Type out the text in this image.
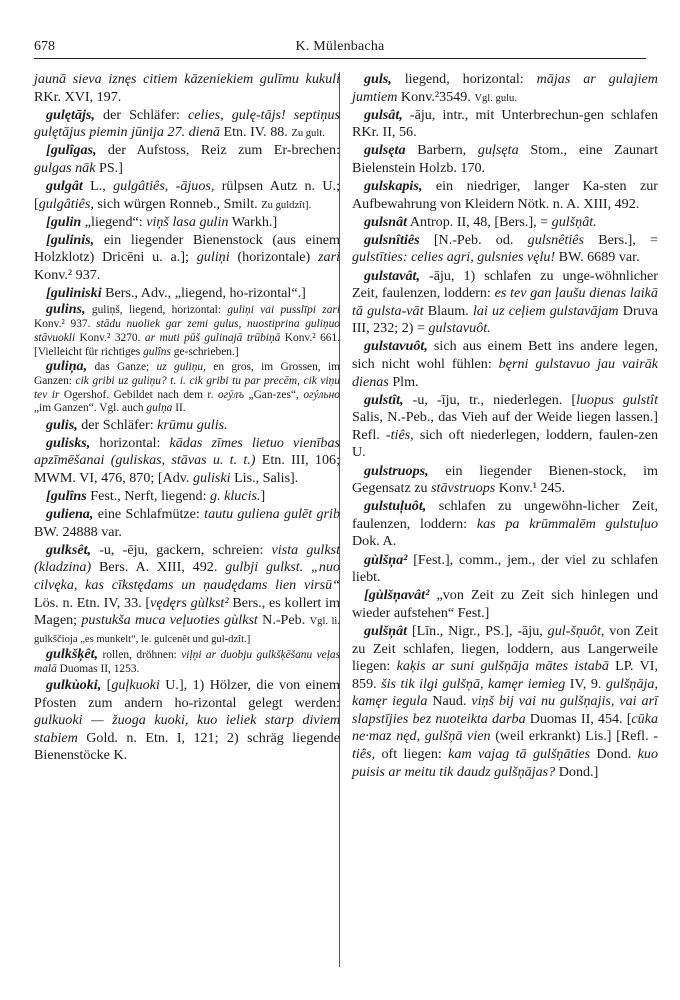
678	K. Mülenbacha

jaunā sieva iznęs citiem kāzeniekiem gulīmu kukuli RKr. XVI, 197.

gulętājs, der Schläfer: celies, gulę-tājs! septiņus gulętājus piemin jūnija 27. dienā Etn. IV. 88. Zu gult.

[gulîgas, der Aufstoss, Reiz zum Er-brechen: gulgas nāk PS.]

gulgât L., gulgâtiês, -ājuos, rülpsen Autz n. U.; [gulgâtiês, sich würgen Ronneb., Smilt. Zu guldzît].

[gulin „liegend“: viņš lasa gulin Warkh.]

[gulinis, ein liegender Bienenstock (aus einem Holzklotz) Dricēni u. a.]; guliņi (horizontale) zari Konv.² 937.

[guliniski Bers., Adv., „liegend, ho-rizontal“.]

gulins, guliņš, liegend, horizontal: guliņi vai pusslīpi zari Konv.² 937. stādu nuoliek gar zemi gulus, nuostiprina guliņuo stāvuokli Konv.² 3270. ar muti pūš gulinajā trūbiņā Konv.² 661. [Vielleicht für richtiges gulîns ge-schrieben.]

guliņa, das Ganze; uz guliņu, en gros, im Grossen, im Ganzen: cik gribi uz guliņu? t. i. cik gribi tu par precēm, cik viņu tev ir Ogershof. Gebildet nach dem r. oгýлъ „Gan-zes“, oгýльно „im Ganzen“. Vgl. auch gulņa II.

gulis, der Schläfer: krūmu gulis.

gulisks, horizontal: kādas zīmes lietuo vienības apzīmēšanai (guliskas, stāvas u. t. t.) Etn. III, 106; MWM. VI, 476, 870; [Adv. guliski Lis., Salis].

[gulîns Fest., Nerft, liegend: g. klucis.]

guliena, eine Schlafmütze: tautu guliena gulēt grib BW. 24888 var.

gulksêt, -u, -ēju, gackern, schreien: vista gulkst (kladzina) Bers. A. XIII, 492. gulbji gulkst. „nuo cilvęka, kas cīkstędams un ņaudędams lien virsū“ Lös. n. Etn. IV, 33. [vędęrs gùlkst² Bers., es kollert im Magen; pustukša muca veļuoties gùlkst N.-Peb. Vgl. li. gulkščioja „es munkelt“, le. gulcenêt und gul-dzît.]

gulkšķêt, rollen, dröhnen: viļņi ar duobju gulkšķēšanu veļas malā Duomas II, 1253.

gulkùoki, [guļkuoki U.], 1) Hölzer, die von einem Pfosten zum andern ho-rizontal gelegt werden: gulkuoki — žuoga kuoki, kuo ieliek starp diviem stabiem Gold. n. Etn. I, 121; 2) schräg liegende Bienenstöcke K.

guls, liegend, horizontal: mājas ar gulajiem jumtiem Konv.²3549. Vgl. gulu.

gulsât, -āju, intr., mit Unterbrechun-gen schlafen RKr. II, 56.

gulsęta Barbern, guļsęta Stom., eine Zaunart Bielenstein Holzb. 170.

gulskapis, ein niedriger, langer Ka-sten zur Aufbewahrung von Kleidern Nötk. n. A. XIII, 492.

gulsnât Antrop. II, 48, [Bers.], = gulšņât.

gulsnîtiês [N.-Peb. od. gulsnêtiês Bers.], = gulstīties: celies agri, gulsnies vęlu! BW. 6689 var.

gulstavât, -āju, 1) schlafen zu unge-wöhnlicher Zeit, faulenzen, loddern: es tev gan ļaušu dienas laikā tā gulsta-vāt Blaum. lai uz ceļiem gulstavājam Druva III, 232; 2) = gulstavuôt.

gulstavuôt, sich aus einem Bett ins andere legen, sich nicht wohl fühlen: bęrni gulstavuo jau vairāk dienas Plm.

gulstît, -u, -īju, tr., niederlegen. [luopus gulstît Salis, N.-Peb., das Vieh auf der Weide liegen lassen.] Refl. -tiês, sich oft niederlegen, loddern, faulen-zen U.

gulstruops, ein liegender Bienen-stock, im Gegensatz zu stāvstruops Konv.¹ 245.

gulstuļuôt, schlafen zu ungewöhn-licher Zeit, faulenzen, loddern: kas pa krūmmalēm gulstuļuo Dok. A.

gùlšņa² [Fest.], comm., jem., der viel zu schlafen liebt.

[gùlšņavât² „von Zeit zu Zeit sich hinlegen und wieder aufstehen“ Fest.]

gulšņât [Līn., Nigr., PS.], -āju, gul-šņuôt, von Zeit zu Zeit schlafen, liegen, loddern, aus Langerweile liegen: kaķis ar suni gulšņāja mātes istabā LP. VI, 859. šis tik ilgi gulšņā, kamęr iemieg IV, 9. gulšņāja, kamęr iegula Naud. viņš bij vai nu gulšņajis, vai arī slapstījies bez nuoteikta darba Duomas II, 454. [cūka ne·maz nęd, gulšņā vien (weil erkrankt) Lis.] [Refl. -tiês, oft liegen: kam vajag tā gulšņāties Dond. kuo puisis ar meitu tik daudz gulšņājas? Dond.]
